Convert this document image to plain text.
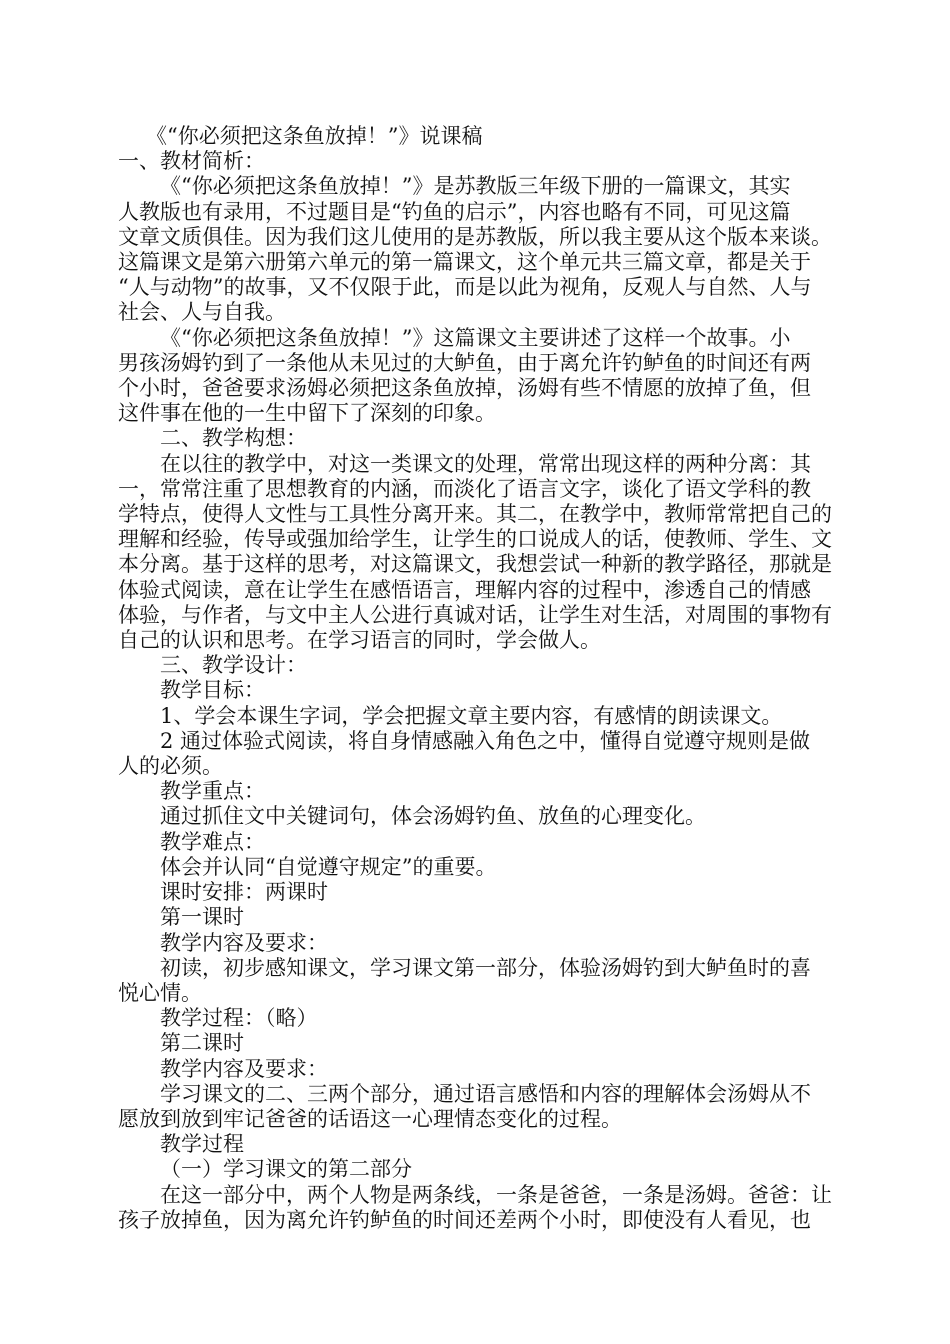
《“你必须把这条鱼放掉！”》说课稿

一、教材简析：

《“你必须把这条鱼放掉！”》是苏教版三年级下册的一篇课文，其实

人教版也有录用，不过题目是“钓鱼的启示”，内容也略有不同，可见这篇

文章文质俱佳。因为我们这儿使用的是苏教版，所以我主要从这个版本来谈。

这篇课文是第六册第六单元的第一篇课文，这个单元共三篇文章，都是关于

“人与动物”的故事，又不仅限于此，而是以此为视角，反观人与自然、人与

社会、人与自我。

《“你必须把这条鱼放掉！”》这篇课文主要讲述了这样一个故事。小

男孩汤姆钓到了一条他从未见过的大鲈鱼，由于离允许钓鲈鱼的时间还有两

个小时，爸爸要求汤姆必须把这条鱼放掉，汤姆有些不情愿的放掉了鱼，但

这件事在他的一生中留下了深刻的印象。

二、教学构想：

在以往的教学中，对这一类课文的处理，常常出现这样的两种分离：其

一，常常注重了思想教育的内涵，而淡化了语言文字，谈化了语文学科的教

学特点，使得人文性与工具性分离开来。其二，在教学中，教师常常把自己的

理解和经验，传导或强加给学生，让学生的口说成人的话，使教师、学生、文

本分离。基于这样的思考，对这篇课文，我想尝试一种新的教学路径，那就是

体验式阅读，意在让学生在感悟语言，理解内容的过程中，渗透自己的情感

体验，与作者，与文中主人公进行真诚对话，让学生对生活，对周围的事物有

自己的认识和思考。在学习语言的同时，学会做人。

三、教学设计：

教学目标：

1、学会本课生字词，学会把握文章主要内容，有感情的朗读课文。

2 通过体验式阅读，将自身情感融入角色之中，懂得自觉遵守规则是做

人的必须。

教学重点：

通过抓住文中关键词句，体会汤姆钓鱼、放鱼的心理变化。

教学难点：

体会并认同“自觉遵守规定”的重要。

课时安排：两课时

第一课时

教学内容及要求：

初读，初步感知课文，学习课文第一部分，体验汤姆钓到大鲈鱼时的喜

悦心情。

教学过程：（略）

第二课时

教学内容及要求：

学习课文的二、三两个部分，通过语言感悟和内容的理解体会汤姆从不

愿放到放到牢记爸爸的话语这一心理情态变化的过程。

教学过程

（一）学习课文的第二部分

在这一部分中，两个人物是两条线，一条是爸爸，一条是汤姆。爸爸：让

孩子放掉鱼，因为离允许钓鲈鱼的时间还差两个小时，即使没有人看见，也
